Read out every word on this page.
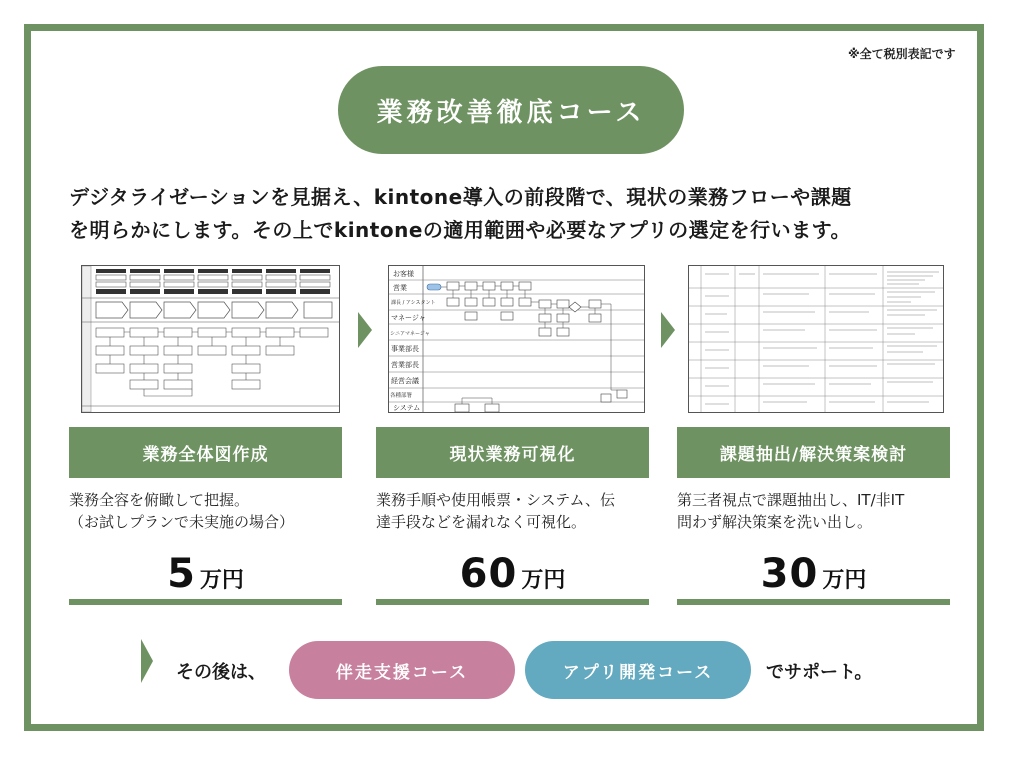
※全て税別表記です
業務改善徹底コース
デジタライゼーションを見据え、kintone導入の前段階で、現状の業務フローや課題
を明らかにします。その上でkintoneの適用範囲や必要なアプリの選定を行います。
お客様
営業
課長 / アシスタント
マネージャ
シニアマネージャ
事業部長
営業部長
経営会議
各種部署
システム
業務全体図作成	現状業務可視化	課題抽出/解決策案検討
業務全容を俯瞰して把握。
（お試しプランで未実施の場合）
業務手順や使用帳票・システム、伝
達手段などを漏れなく可視化。
第三者視点で課題抽出し、IT/非IT
問わず解決策案を洗い出し。
5 万円	60 万円	30 万円
その後は、	伴走支援コース	アプリ開発コース	でサポート。
